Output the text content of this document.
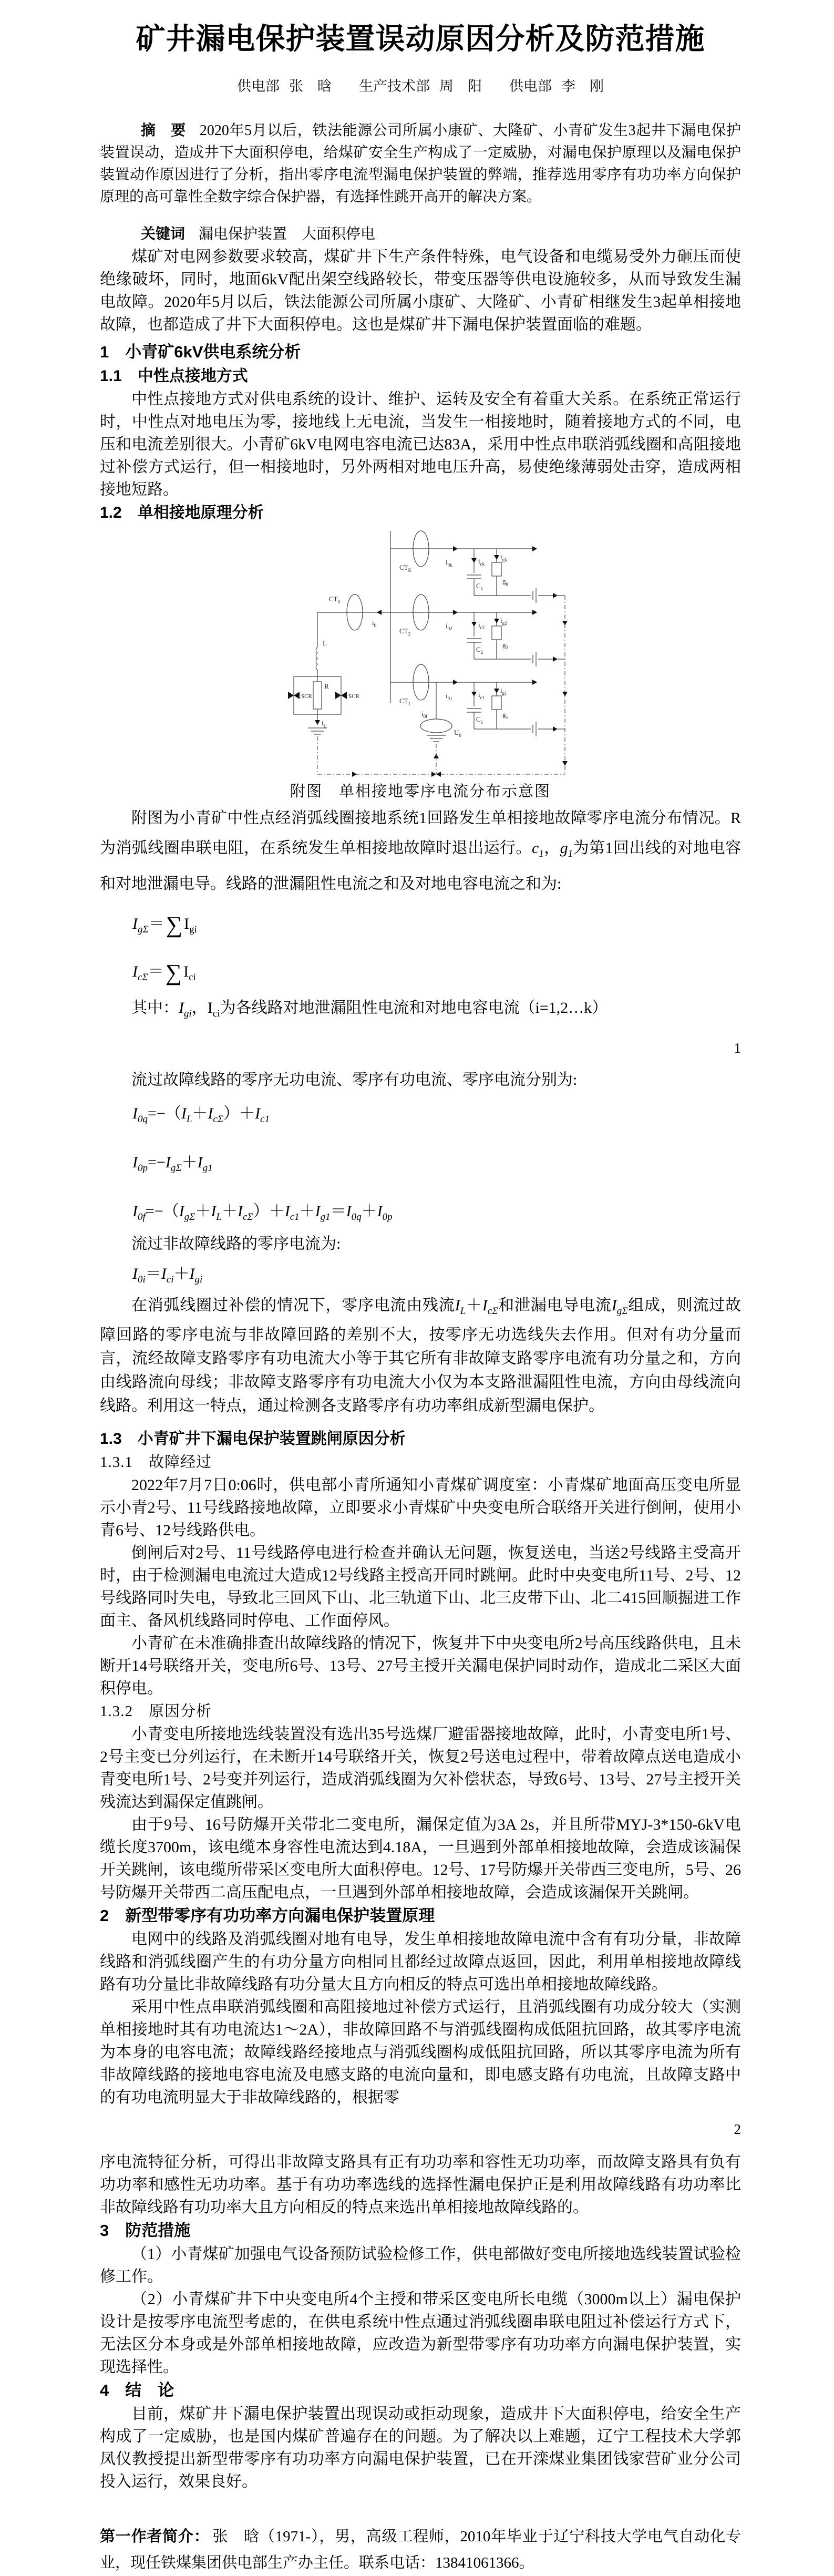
矿井漏电保护装置误动原因分析及防范措施
供电部 张　晗 生产技术部 周　阳 供电部 李　刚

摘　要 2020年5月以后，铁法能源公司所属小康矿、大隆矿、小青矿发生3起井下漏电保护装置误动，造成井下大面积停电，给煤矿安全生产构成了一定威胁，对漏电保护原理以及漏电保护装置动作原因进行了分析，指出零序电流型漏电保护装置的弊端，推荐选用零序有功功率方向保护原理的高可靠性全数字综合保护器，有选择性跳开高开的解决方案。

关键词 漏电保护装置　大面积停电

煤矿对电网参数要求较高，煤矿井下生产条件特殊，电气设备和电缆易受外力砸压而使绝缘破坏，同时，地面6kV配出架空线路较长，带变压器等供电设施较多，从而导致发生漏电故障。2020年5月以后，铁法能源公司所属小康矿、大隆矿、小青矿相继发生3起单相接地故障，也都造成了井下大面积停电。这也是煤矿井下漏电保护装置面临的难题。

1　小青矿6kV供电系统分析
1.1　中性点接地方式

中性点接地方式对供电系统的设计、维护、运转及安全有着重大关系。在系统正常运行时，中性点对地电压为零，接地线上无电流，当发生一相接地时，随着接地方式的不同，电压和电流差别很大。小青矿6kV电网电容电流已达83A，采用中性点串联消弧线圈和高阻接地过补偿方式运行，但一相接地时，另外两相对地电压升高，易使绝缘薄弱处击穿，造成两相接地短路。

1.2　单相接地原理分析
$CT_K$
$i_{0k}$	$i_{ck}$
$C_k$
$i_{gk}$
$g_k$
$CT_2$
$i_{02}$	$i_{c2}$
$C_2$
$i_{g2}$
$g_2$
$i_0$
$CT_0$
L
R
SCR	SCR
$i_L$
$CT_1$
$i_{01}$	$i_{c1}$
$C_1$
$i_{g1}$
$g_1$
$i_{0f}$
$U_0$
附图　单相接地零序电流分布示意图

附图为小青矿中性点经消弧线圈接地系统1回路发生单相接地故障零序电流分布情况。R为消弧线圈串联电阻，在系统发生单相接地故障时退出运行。$c_1$，$g_1$为第1回出线的对地电容和对地泄漏电导。线路的泄漏阻性电流之和及对地电容电流之和为:

$I_{g\Sigma}=\sum$ $I_{gi}$
$I_{c\Sigma}=\sum$ $I_{ci}$

其中：$I_{gi}$，$I_{ci}$为各线路对地泄漏阻性电流和对地电容电流（i=1,2…k）

1

流过故障线路的零序无功电流、零序有功电流、零序电流分别为:

$I_{0q}=-(I_L+I_{c\Sigma})+I_{c1}$
$I_{0p}=-I_{g\Sigma}+I_{g1}$
$I_{0f}=-(I_{g\Sigma}+I_L+I_{c\Sigma})+I_{c1}+I_{g1}=I_{0q}+I_{0p}$

流过非故障线路的零序电流为:

$I_{0i}=I_{ci}+I_{gi}$

在消弧线圈过补偿的情况下，零序电流由残流$I_L+I_{c\Sigma}$和泄漏电导电流$I_{g\Sigma}$组成，则流过故障回路的零序电流与非故障回路的差别不大，按零序无功选线失去作用。但对有功分量而言，流经故障支路零序有功电流大小等于其它所有非故障支路零序电流有功分量之和，方向由线路流向母线；非故障支路零序有功电流大小仅为本支路泄漏阻性电流，方向由母线流向线路。利用这一特点，通过检测各支路零序有功功率组成新型漏电保护。

1.3　小青矿井下漏电保护装置跳闸原因分析
1.3.1　故障经过

2022年7月7日0:06时，供电部小青所通知小青煤矿调度室：小青煤矿地面高压变电所显示小青2号、11号线路接地故障，立即要求小青煤矿中央变电所合联络开关进行倒闸，使用小青6号、12号线路供电。

倒闸后对2号、11号线路停电进行检查并确认无问题，恢复送电，当送2号线路主受高开时，由于检测漏电电流过大造成12号线路主授高开同时跳闸。此时中央变电所11号、2号、12号线路同时失电，导致北三回风下山、北三轨道下山、北三皮带下山、北二415回顺掘进工作面主、备风机线路同时停电、工作面停风。

小青矿在未准确排查出故障线路的情况下，恢复井下中央变电所2号高压线路供电，且未断开14号联络开关，变电所6号、13号、27号主授开关漏电保护同时动作，造成北二采区大面积停电。

1.3.2　原因分析

小青变电所接地选线装置没有选出35号选煤厂避雷器接地故障，此时，小青变电所1号、2号主变已分列运行，在未断开14号联络开关，恢复2号送电过程中，带着故障点送电造成小青变电所1号、2号变并列运行，造成消弧线圈为欠补偿状态，导致6号、13号、27号主授开关残流达到漏保定值跳闸。

由于9号、16号防爆开关带北二变电所，漏保定值为3A 2s，并且所带MYJ-3*150-6kV电缆长度3700m，该电缆本身容性电流达到4.18A，一旦遇到外部单相接地故障，会造成该漏保开关跳闸，该电缆所带采区变电所大面积停电。12号、17号防爆开关带西三变电所，5号、26号防爆开关带西二高压配电点，一旦遇到外部单相接地故障，会造成该漏保开关跳闸。

2　新型带零序有功功率方向漏电保护装置原理

电网中的线路及消弧线圈对地有电导，发生单相接地故障电流中含有有功分量，非故障线路和消弧线圈产生的有功分量方向相同且都经过故障点返回，因此，利用单相接地故障线路有功分量比非故障线路有功分量大且方向相反的特点可选出单相接地故障线路。

采用中性点串联消弧线圈和高阻接地过补偿方式运行，且消弧线圈有功成分较大（实测单相接地时其有功电流达1～2A），非故障回路不与消弧线圈构成低阻抗回路，故其零序电流为本身的电容电流；故障线路经接地点与消弧线圈构成低阻抗回路，所以其零序电流为所有非故障线路的接地电容电流及电感支路的电流向量和，即电感支路有功电流，且故障支路中的有功电流明显大于非故障线路的，根据零

2

序电流特征分析，可得出非故障支路具有正有功功率和容性无功功率，而故障支路具有负有功功率和感性无功功率。基于有功功率选线的选择性漏电保护正是利用故障线路有功功率比非故障线路有功功率大且方向相反的特点来选出单相接地故障线路的。

3　防范措施

（1）小青煤矿加强电气设备预防试验检修工作，供电部做好变电所接地选线装置试验检修工作。

（2）小青煤矿井下中央变电所4个主授和带采区变电所长电缆（3000m以上）漏电保护设计是按零序电流型考虑的，在供电系统中性点通过消弧线圈串联电阻过补偿运行方式下，无法区分本身或是外部单相接地故障，应改造为新型带零序有功功率方向漏电保护装置，实现选择性。

4　结　论

目前，煤矿井下漏电保护装置出现误动或拒动现象，造成井下大面积停电，给安全生产构成了一定威胁，也是国内煤矿普遍存在的问题。为了解决以上难题，辽宁工程技术大学郭凤仪教授提出新型带零序有功功率方向漏电保护装置，已在开滦煤业集团钱家营矿业分公司投入运行，效果良好。

第一作者简介： 张　晗（1971-），男，高级工程师，2010年毕业于辽宁科技大学电气自动化专业，现任铁煤集团供电部生产办主任。联系电话：13841061366。
